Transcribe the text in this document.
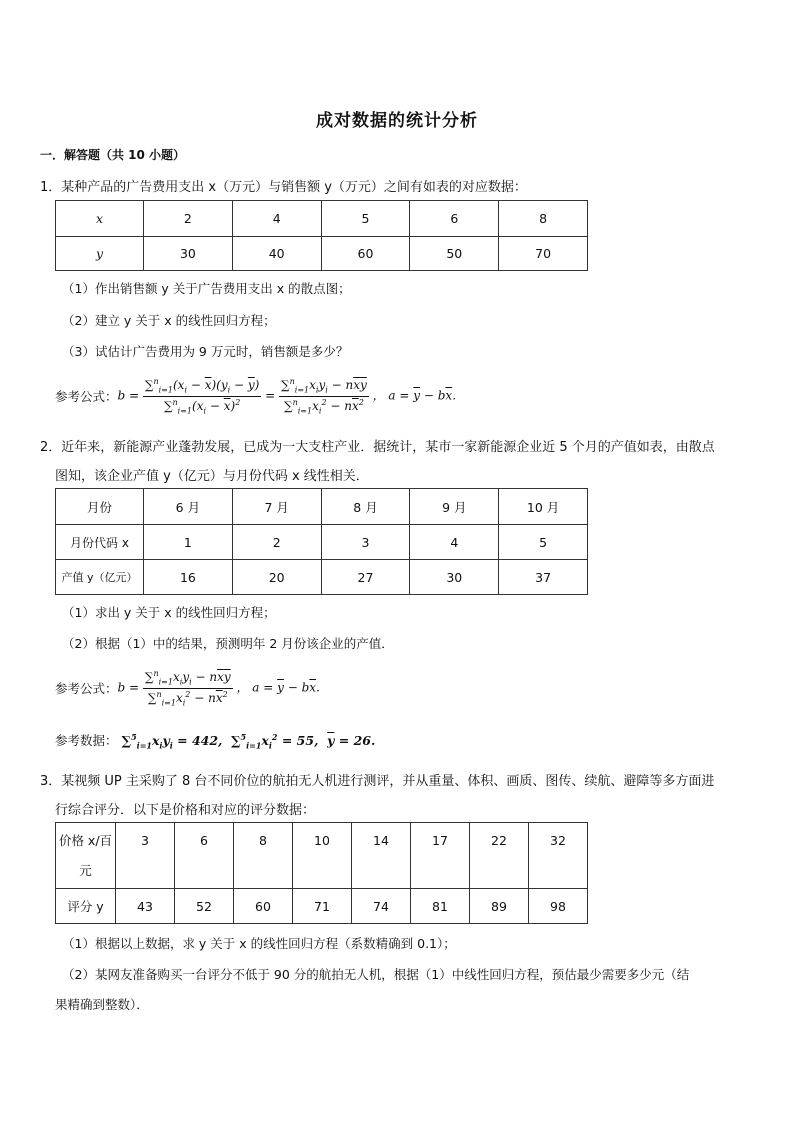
成对数据的统计分析
一．解答题（共 10 小题）
1．某种产品的广告费用支出 x（万元）与销售额 y（万元）之间有如表的对应数据：
x	2	4	5	6	8
y	30	40	60	50	70
（1）作出销售额 y 关于广告费用支出 x 的散点图；
（2）建立 y 关于 x 的线性回归方程；
（3）试估计广告费用为 9 万元时，销售额是多少？
参考公式： $b = \frac{\sum^n_{i=1}(x_i - \overline{x})(y_i - \overline{y})}{\sum^n_{i=1}(x_i - \overline{x})^2} = \frac{\sum^n_{i=1}x_iy_i - n\overline{x}\overline{y}}{\sum^n_{i=1}x_i^2 - n\overline{x}^2}$ ， $a = \overline{y} - b\overline{x}$.
2．近年来，新能源产业蓬勃发展，已成为一大支柱产业．据统计，某市一家新能源企业近 5 个月的产值如表，由散点
图知，该企业产值 y（亿元）与月份代码 x 线性相关．
月份	6 月	7 月	8 月	9 月	10 月
月份代码 x	1	2	3	4	5
产值 y（亿元）	16	20	27	30	37
（1）求出 y 关于 x 的线性回归方程；
（2）根据（1）中的结果，预测明年 2 月份该企业的产值．
参考公式： $b = \frac{\sum^n_{i=1}x_iy_i - n\overline{x}\overline{y}}{\sum^n_{i=1}x_i^2 - n\overline{x}^2}$ ， $a = \overline{y} - b\overline{x}$.
参考数据： $\sum^5_{i=1}x_iy_i = 442$,  $\sum^5_{i=1}x_i^2 = 55$,  $\overline{y} = 26$.
3．某视频 UP 主采购了 8 台不同价位的航拍无人机进行测评，并从重量、体积、画质、图传、续航、避障等多方面进
行综合评分．以下是价格和对应的评分数据：
价格 x/百
元	3	6	8	10	14	17	22	32
评分 y	43	52	60	71	74	81	89	98
（1）根据以上数据，求 y 关于 x 的线性回归方程（系数精确到 0.1）；
（2）某网友准备购买一台评分不低于 90 分的航拍无人机，根据（1）中线性回归方程，预估最少需要多少元（结
果精确到整数）．
